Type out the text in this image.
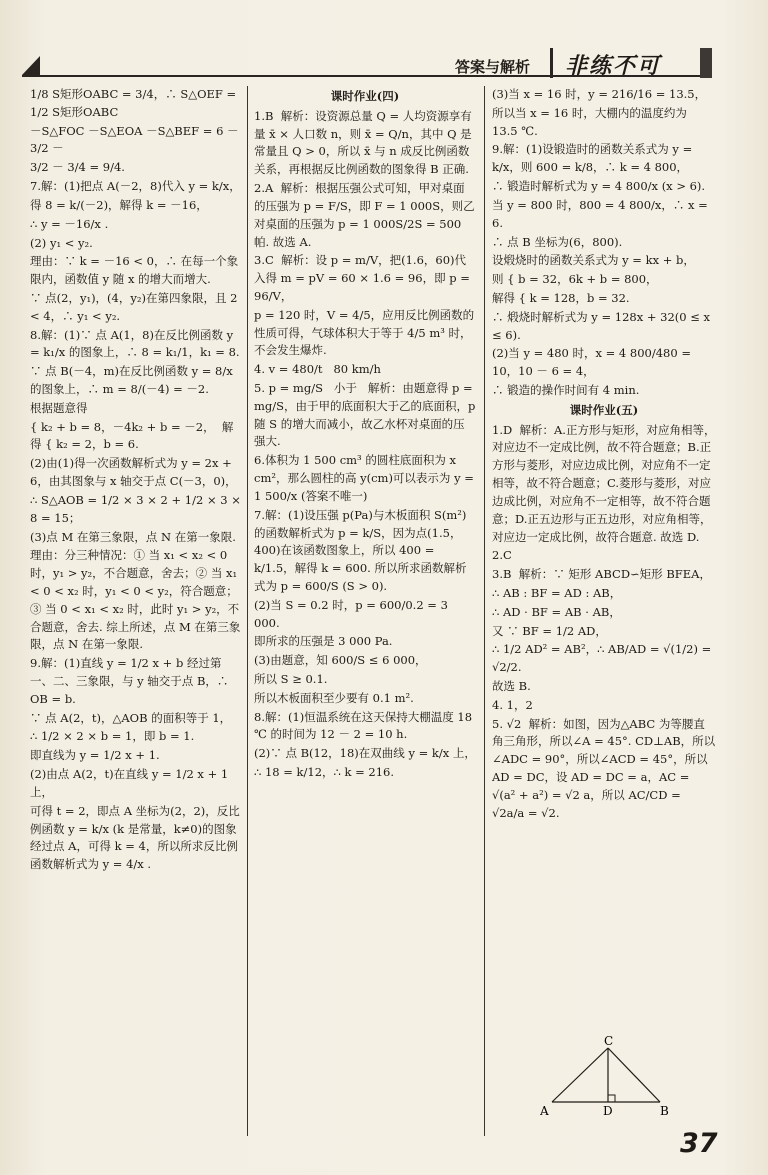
答案与解析 非练不可

1/8 S矩形OABC = 3/4，∴ S△OEF = 1/2 S矩形OABC

－S△FOC －S△EOA －S△BEF = 6 － 3/2 －

3/2 － 3/4 = 9/4.

7.解：(1)把点 A(－2，8)代入 y = k/x，

得 8 = k/(－2)，解得 k = －16，

∴ y = －16/x .

(2) y₁ < y₂.

理由：∵ k = －16 < 0，∴ 在每一个象限内，函数值 y 随 x 的增大而增大.

∵ 点(2，y₁)，(4，y₂)在第四象限，且 2 < 4，∴ y₁ < y₂.

8.解：(1)∵ 点 A(1，8)在反比例函数 y = k₁/x 的图象上，∴ 8 = k₁/1，k₁ = 8.

∵ 点 B(－4，m)在反比例函数 y = 8/x 的图象上，∴ m = 8/(－4) = －2.

根据题意得

{ k₂ + b = 8，－4k₂ + b = －2，  解得 { k₂ = 2，b = 6.

(2)由(1)得一次函数解析式为 y = 2x + 6，由其图象与 x 轴交于点 C(－3，0)，

∴ S△AOB = 1/2 × 3 × 2 + 1/2 × 3 × 8 = 15；

(3)点 M 在第三象限，点 N 在第一象限.

理由：分三种情况：① 当 x₁ < x₂ < 0 时，y₁ > y₂，不合题意，舍去；② 当 x₁ < 0 < x₂ 时，y₁ < 0 < y₂，符合题意；③ 当 0 < x₁ < x₂ 时，此时 y₁ > y₂，不合题意，舍去. 综上所述，点 M 在第三象限，点 N 在第一象限.

9.解：(1)直线 y = 1/2 x + b 经过第一、二、三象限，与 y 轴交于点 B，∴ OB = b.

∵ 点 A(2，t)，△AOB 的面积等于 1，

∴ 1/2 × 2 × b = 1，即 b = 1.

即直线为 y = 1/2 x + 1.

(2)由点 A(2，t)在直线 y = 1/2 x + 1 上，

可得 t = 2，即点 A 坐标为(2，2)，反比例函数 y = k/x (k 是常量，k≠0)的图象经过点 A，可得 k = 4，所以所求反比例函数解析式为 y = 4/x .

课时作业(四)

1.B  解析：设资源总量 Q = 人均资源享有量 x̄ × 人口数 n，则 x̄ = Q/n，其中 Q 是常量且 Q > 0，所以 x̄ 与 n 成反比例函数关系，再根据反比例函数的图象得 B 正确.

2.A  解析：根据压强公式可知，甲对桌面的压强为 p = F/S，即 F = 1 000S，则乙对桌面的压强为 p = 1 000S/2S = 500 帕. 故选 A.

3.C  解析：设 p = m/V，把(1.6，60)代入得 m = pV = 60 × 1.6 = 96，即 p = 96/V，

p = 120 时，V = 4/5，应用反比例函数的性质可得，气球体积大于等于 4/5 m³ 时，不会发生爆炸.

4. v = 480/t   80 km/h

5. p = mg/S   小于   解析：由题意得 p = mg/S，由于甲的底面积大于乙的底面积，p 随 S 的增大而减小，故乙水杯对桌面的压强大.

6.体积为 1 500 cm³ 的圆柱底面积为 x cm²，那么圆柱的高 y(cm)可以表示为 y = 1 500/x (答案不唯一)

7.解：(1)设压强 p(Pa)与木板面积 S(m²)的函数解析式为 p = k/S，因为点(1.5，400)在该函数图象上，所以 400 = k/1.5，解得 k = 600. 所以所求函数解析式为 p = 600/S (S > 0).

(2)当 S = 0.2 时，p = 600/0.2 = 3 000.

即所求的压强是 3 000 Pa.

(3)由题意，知 600/S ≤ 6 000，

所以 S ≥ 0.1.

所以木板面积至少要有 0.1 m².

8.解：(1)恒温系统在这天保持大棚温度 18 ℃ 的时间为 12 － 2 = 10 h.

(2)∵ 点 B(12，18)在双曲线 y = k/x 上，

∴ 18 = k/12，∴ k = 216.

(3)当 x = 16 时，y = 216/16 = 13.5，

所以当 x = 16 时，大棚内的温度约为 13.5 ℃.

9.解：(1)设锻造时的函数关系式为 y = k/x，则 600 = k/8，∴ k = 4 800，

∴ 锻造时解析式为 y = 4 800/x (x > 6).

当 y = 800 时，800 = 4 800/x，∴ x = 6.

∴ 点 B 坐标为(6，800).

设煅烧时的函数关系式为 y = kx + b，

则 { b = 32，6k + b = 800，

解得 { k = 128，b = 32.

∴ 煅烧时解析式为 y = 128x + 32(0 ≤ x ≤ 6).

(2)当 y = 480 时，x = 4 800/480 = 10，10 － 6 = 4，

∴ 锻造的操作时间有 4 min.

课时作业(五)

1.D  解析：A.正方形与矩形，对应角相等，对应边不一定成比例，故不符合题意；B.正方形与菱形，对应边成比例，对应角不一定相等，故不符合题意；C.菱形与菱形，对应边成比例，对应角不一定相等，故不符合题意；D.正五边形与正五边形，对应角相等，对应边一定成比例，故符合题意. 故选 D.

2.C

3.B  解析：∵ 矩形 ABCD∽矩形 BFEA，

∴ AB : BF = AD : AB，

∴ AD · BF = AB · AB，

又 ∵ BF = 1/2 AD，

∴ 1/2 AD² = AB²，∴ AB/AD = √(1/2) = √2/2.

故选 B.

4. 1，2

5. √2  解析：如图，因为△ABC 为等腰直角三角形，所以∠A = 45°. CD⊥AB，所以∠ADC = 90°，所以∠ACD = 45°，所以 AD = DC，设 AD = DC = a，AC = √(a² + a²) = √2 a，所以 AC/CD = √2a/a = √2.

C
A	D	B
37
